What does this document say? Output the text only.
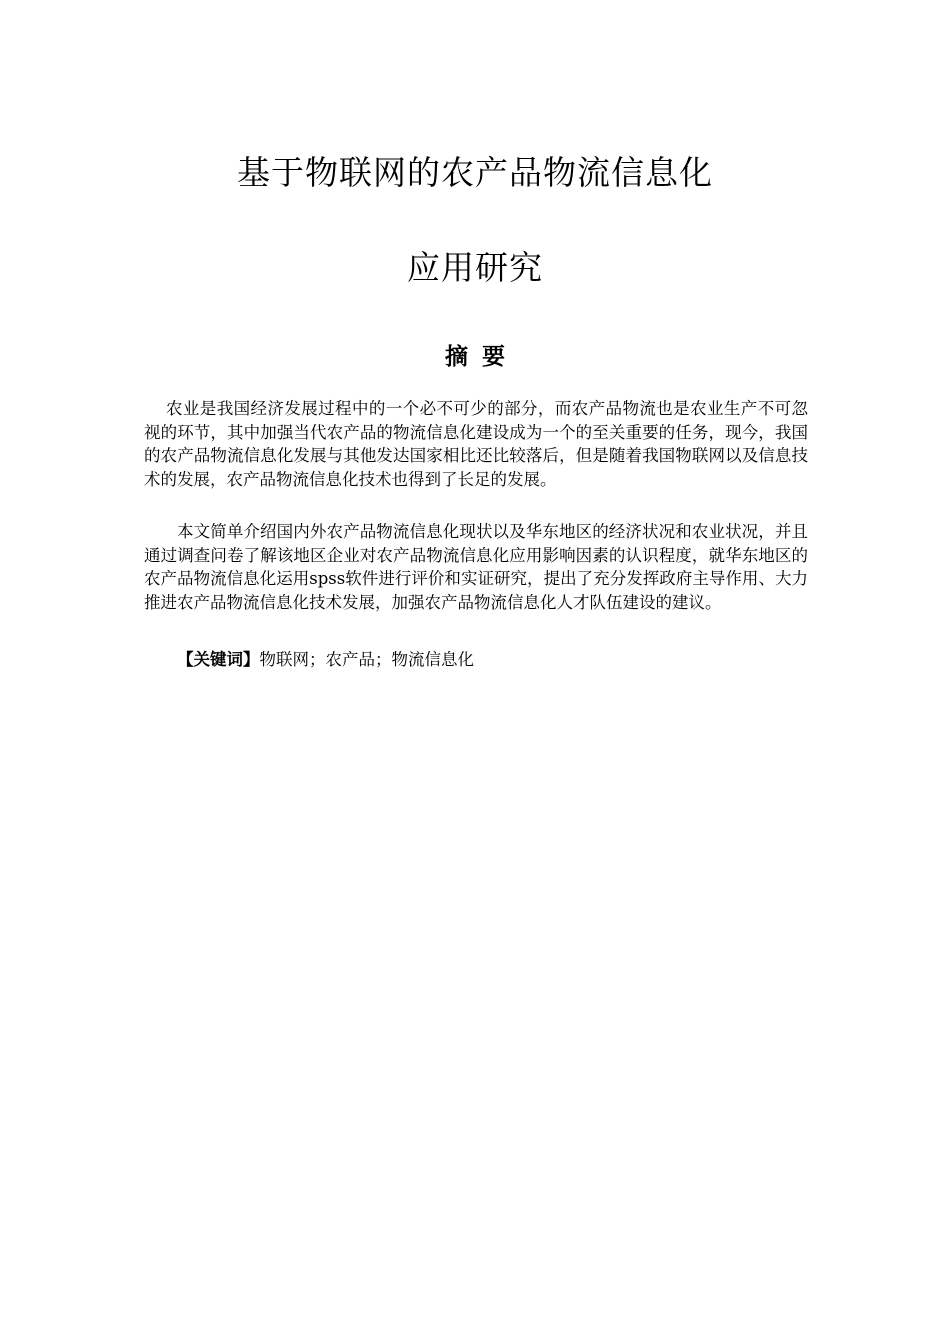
基于物联网的农产品物流信息化
应用研究
摘 要

农业是我国经济发展过程中的一个必不可少的部分，而农产品物流也是农业生产不可忽视的环节，其中加强当代农产品的物流信息化建设成为一个的至关重要的任务，现今，我国的农产品物流信息化发展与其他发达国家相比还比较落后，但是随着我国物联网以及信息技术的发展，农产品物流信息化技术也得到了长足的发展。

本文简单介绍国内外农产品物流信息化现状以及华东地区的经济状况和农业状况，并且通过调查问卷了解该地区企业对农产品物流信息化应用影响因素的认识程度，就华东地区的农产品物流信息化运用spss软件进行评价和实证研究，提出了充分发挥政府主导作用、大力推进农产品物流信息化技术发展，加强农产品物流信息化人才队伍建设的建议。

【关键词】物联网；农产品；物流信息化
